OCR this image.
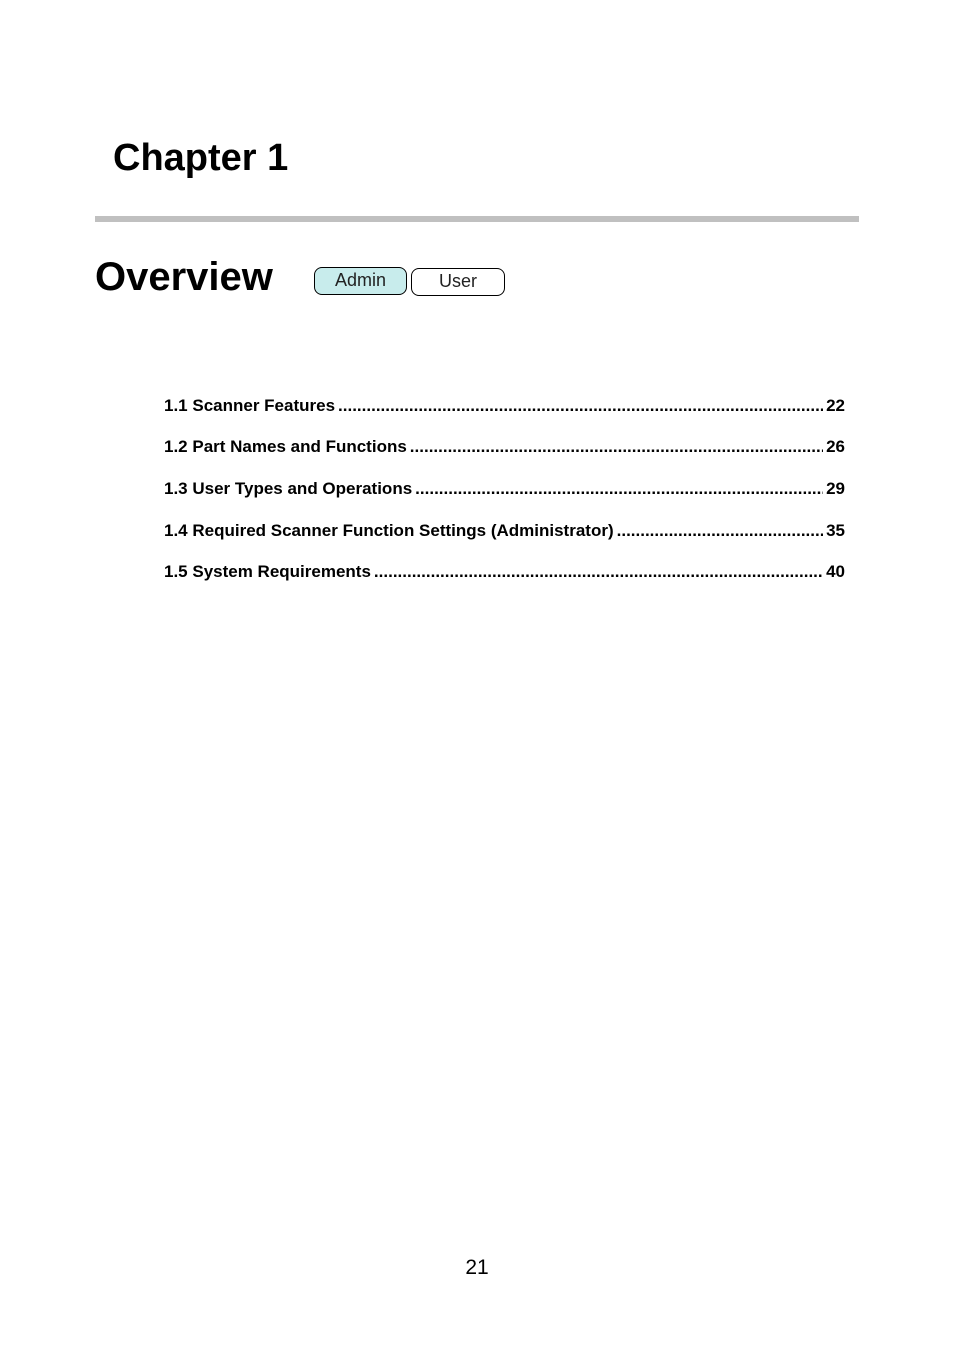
Chapter 1
Overview	Admin	User
1.1 Scanner Features .....	22
1.2 Part Names and Functions .....	26
1.3 User Types and Operations .....	29
1.4 Required Scanner Function Settings (Administrator) .....	35
1.5 System Requirements .....	40
21
